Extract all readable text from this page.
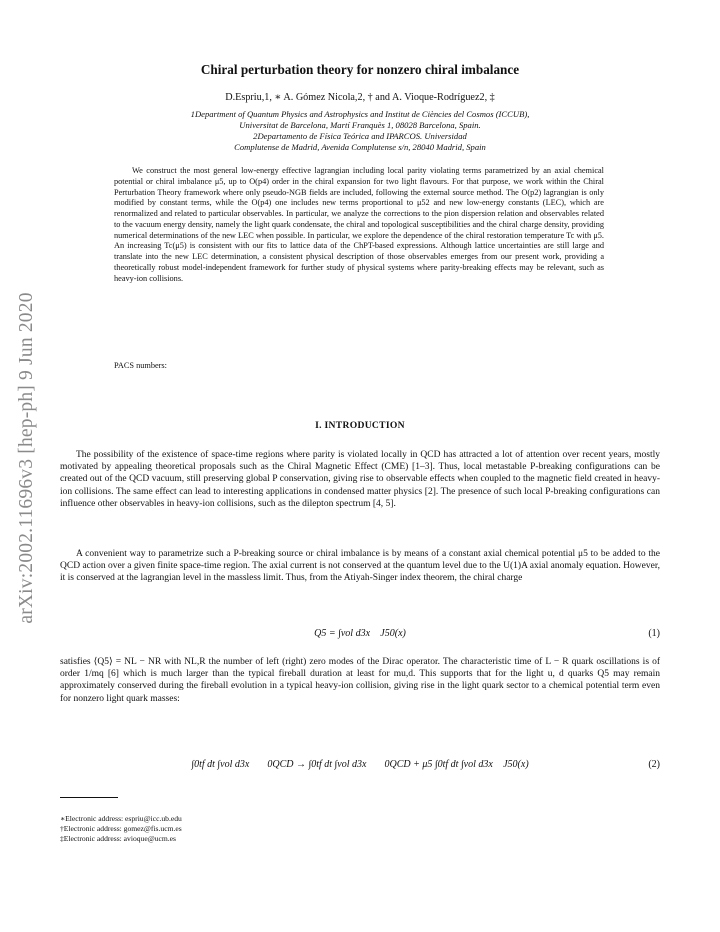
arXiv:2002.11696v3 [hep-ph] 9 Jun 2020
Chiral perturbation theory for nonzero chiral imbalance
D.Espriu,1, ∗ A. Gómez Nicola,2, † and A. Vioque-Rodríguez2, ‡
1Department of Quantum Physics and Astrophysics and Institut de Ciències del Cosmos (ICCUB),
Universitat de Barcelona, Martí Franquès 1, 08028 Barcelona, Spain.
2Departamento de Física Teórica and IPARCOS. Universidad
Complutense de Madrid, Avenida Complutense s/n, 28040 Madrid, Spain

We construct the most general low-energy effective lagrangian including local parity violating terms parametrized by an axial chemical potential or chiral imbalance μ5, up to O(p4) order in the chiral expansion for two light flavours. For that purpose, we work within the Chiral Perturbation Theory framework where only pseudo-NGB fields are included, following the external source method. The O(p2) lagrangian is only modified by constant terms, while the O(p4) one includes new terms proportional to μ52 and new low-energy constants (LEC), which are renormalized and related to particular observables. In particular, we analyze the corrections to the pion dispersion relation and observables related to the vacuum energy density, namely the light quark condensate, the chiral and topological susceptibilities and the chiral charge density, providing numerical determinations of the new LEC when possible. In particular, we explore the dependence of the chiral restoration temperature Tc with μ5. An increasing Tc(μ5) is consistent with our fits to lattice data of the ChPT-based expressions. Although lattice uncertainties are still large and translate into the new LEC determination, a consistent physical description of those observables emerges from our present work, providing a theoretically robust model-independent framework for further study of physical systems where parity-breaking effects may be relevant, such as heavy-ion collisions.

PACS numbers:
I. INTRODUCTION

The possibility of the existence of space-time regions where parity is violated locally in QCD has attracted a lot of attention over recent years, mostly motivated by appealing theoretical proposals such as the Chiral Magnetic Effect (CME) [1–3]. Thus, local metastable P-breaking configurations can be created out of the QCD vacuum, still preserving global P conservation, giving rise to observable effects when coupled to the magnetic field created in heavy-ion collisions. The same effect can lead to interesting applications in condensed matter physics [2]. The presence of such local P-breaking configurations can influence other observables in heavy-ion collisions, such as the dilepton spectrum [4, 5].

A convenient way to parametrize such a P-breaking source or chiral imbalance is by means of a constant axial chemical potential μ5 to be added to the QCD action over a given finite space-time region. The axial current is not conserved at the quantum level due to the U(1)A axial anomaly equation. However, it is conserved at the lagrangian level in the massless limit. Thus, from the Atiyah-Singer index theorem, the chiral charge

Q5 = ∫vol d3x⃗ J50(x)	(1)

satisfies ⟨Q5⟩ = NL − NR with NL,R the number of left (right) zero modes of the Dirac operator. The characteristic time of L − R quark oscillations is of order 1/mq [6] which is much larger than the typical fireball duration at least for mu,d. This supports that for the light u, d quarks Q5 may remain approximately conserved during the fireball evolution in a typical heavy-ion collision, giving rise in the light quark sector to a chemical potential term even for nonzero light quark masses:

∫0tf dt ∫vol d3x⃗ ℒ0QCD → ∫0tf dt ∫vol d3x⃗ ℒ0QCD + μ5 ∫0tf dt ∫vol d3x⃗ J50(x)	(2)
∗Electronic address: espriu@icc.ub.edu
†Electronic address: gomez@fis.ucm.es
‡Electronic address: avioque@ucm.es
